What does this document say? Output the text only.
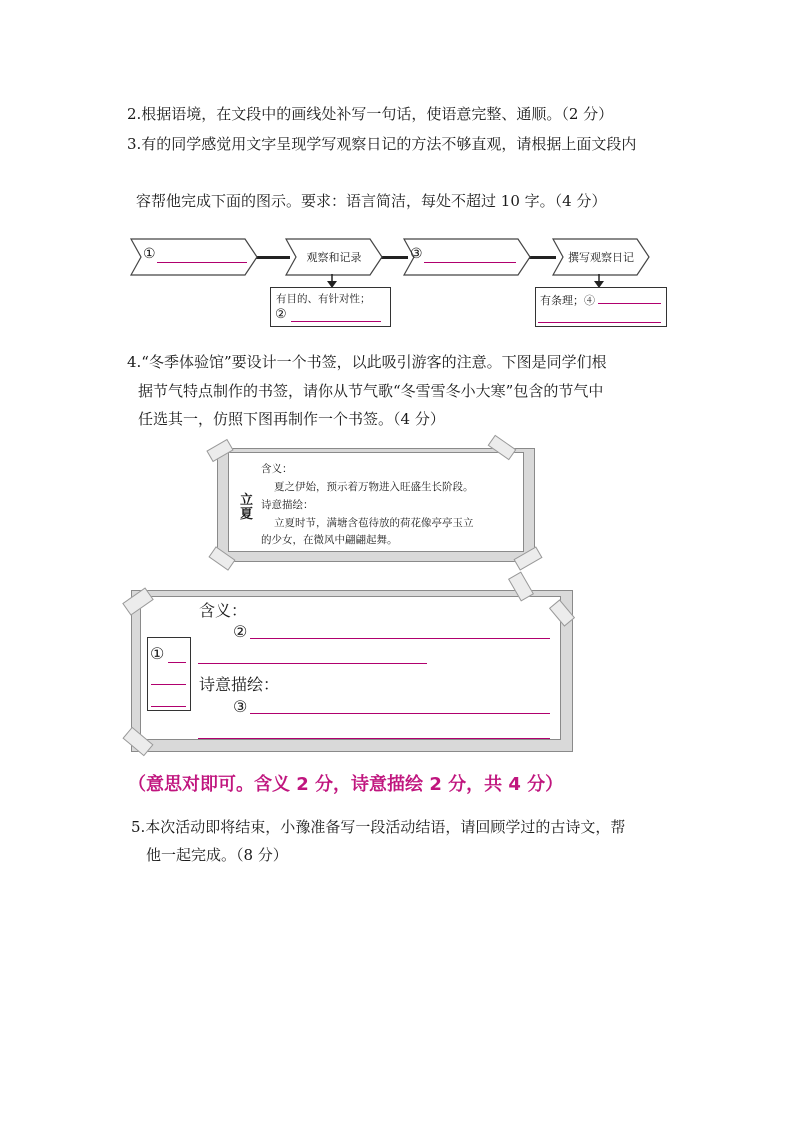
2.根据语境，在文段中的画线处补写一句话，使语意完整、通顺。（2 分）
3.有的同学感觉用文字呈现学写观察日记的方法不够直观，请根据上面文段内
容帮他完成下面的图示。要求：语言简洁，每处不超过 10 字。（4 分）
①	观察和记录	③	撰写观察日记
有目的、有针对性；
②
有条理；④
4.“冬季体验馆”要设计一个书签，以此吸引游客的注意。下图是同学们根
据节气特点制作的书签，请你从节气歌“冬雪雪冬小大寒”包含的节气中
任选其一，仿照下图再制作一个书签。（4 分）
立
夏
含义：
夏之伊始，预示着万物进入旺盛生长阶段。
诗意描绘：
立夏时节，满塘含苞待放的荷花像亭亭玉立
的少女，在微风中翩翩起舞。
含义：
②
①
诗意描绘：
③
（意思对即可。含义 2 分，诗意描绘 2 分，共 4 分）
5.本次活动即将结束，小豫准备写一段活动结语，请回顾学过的古诗文，帮
他一起完成。（8 分）
